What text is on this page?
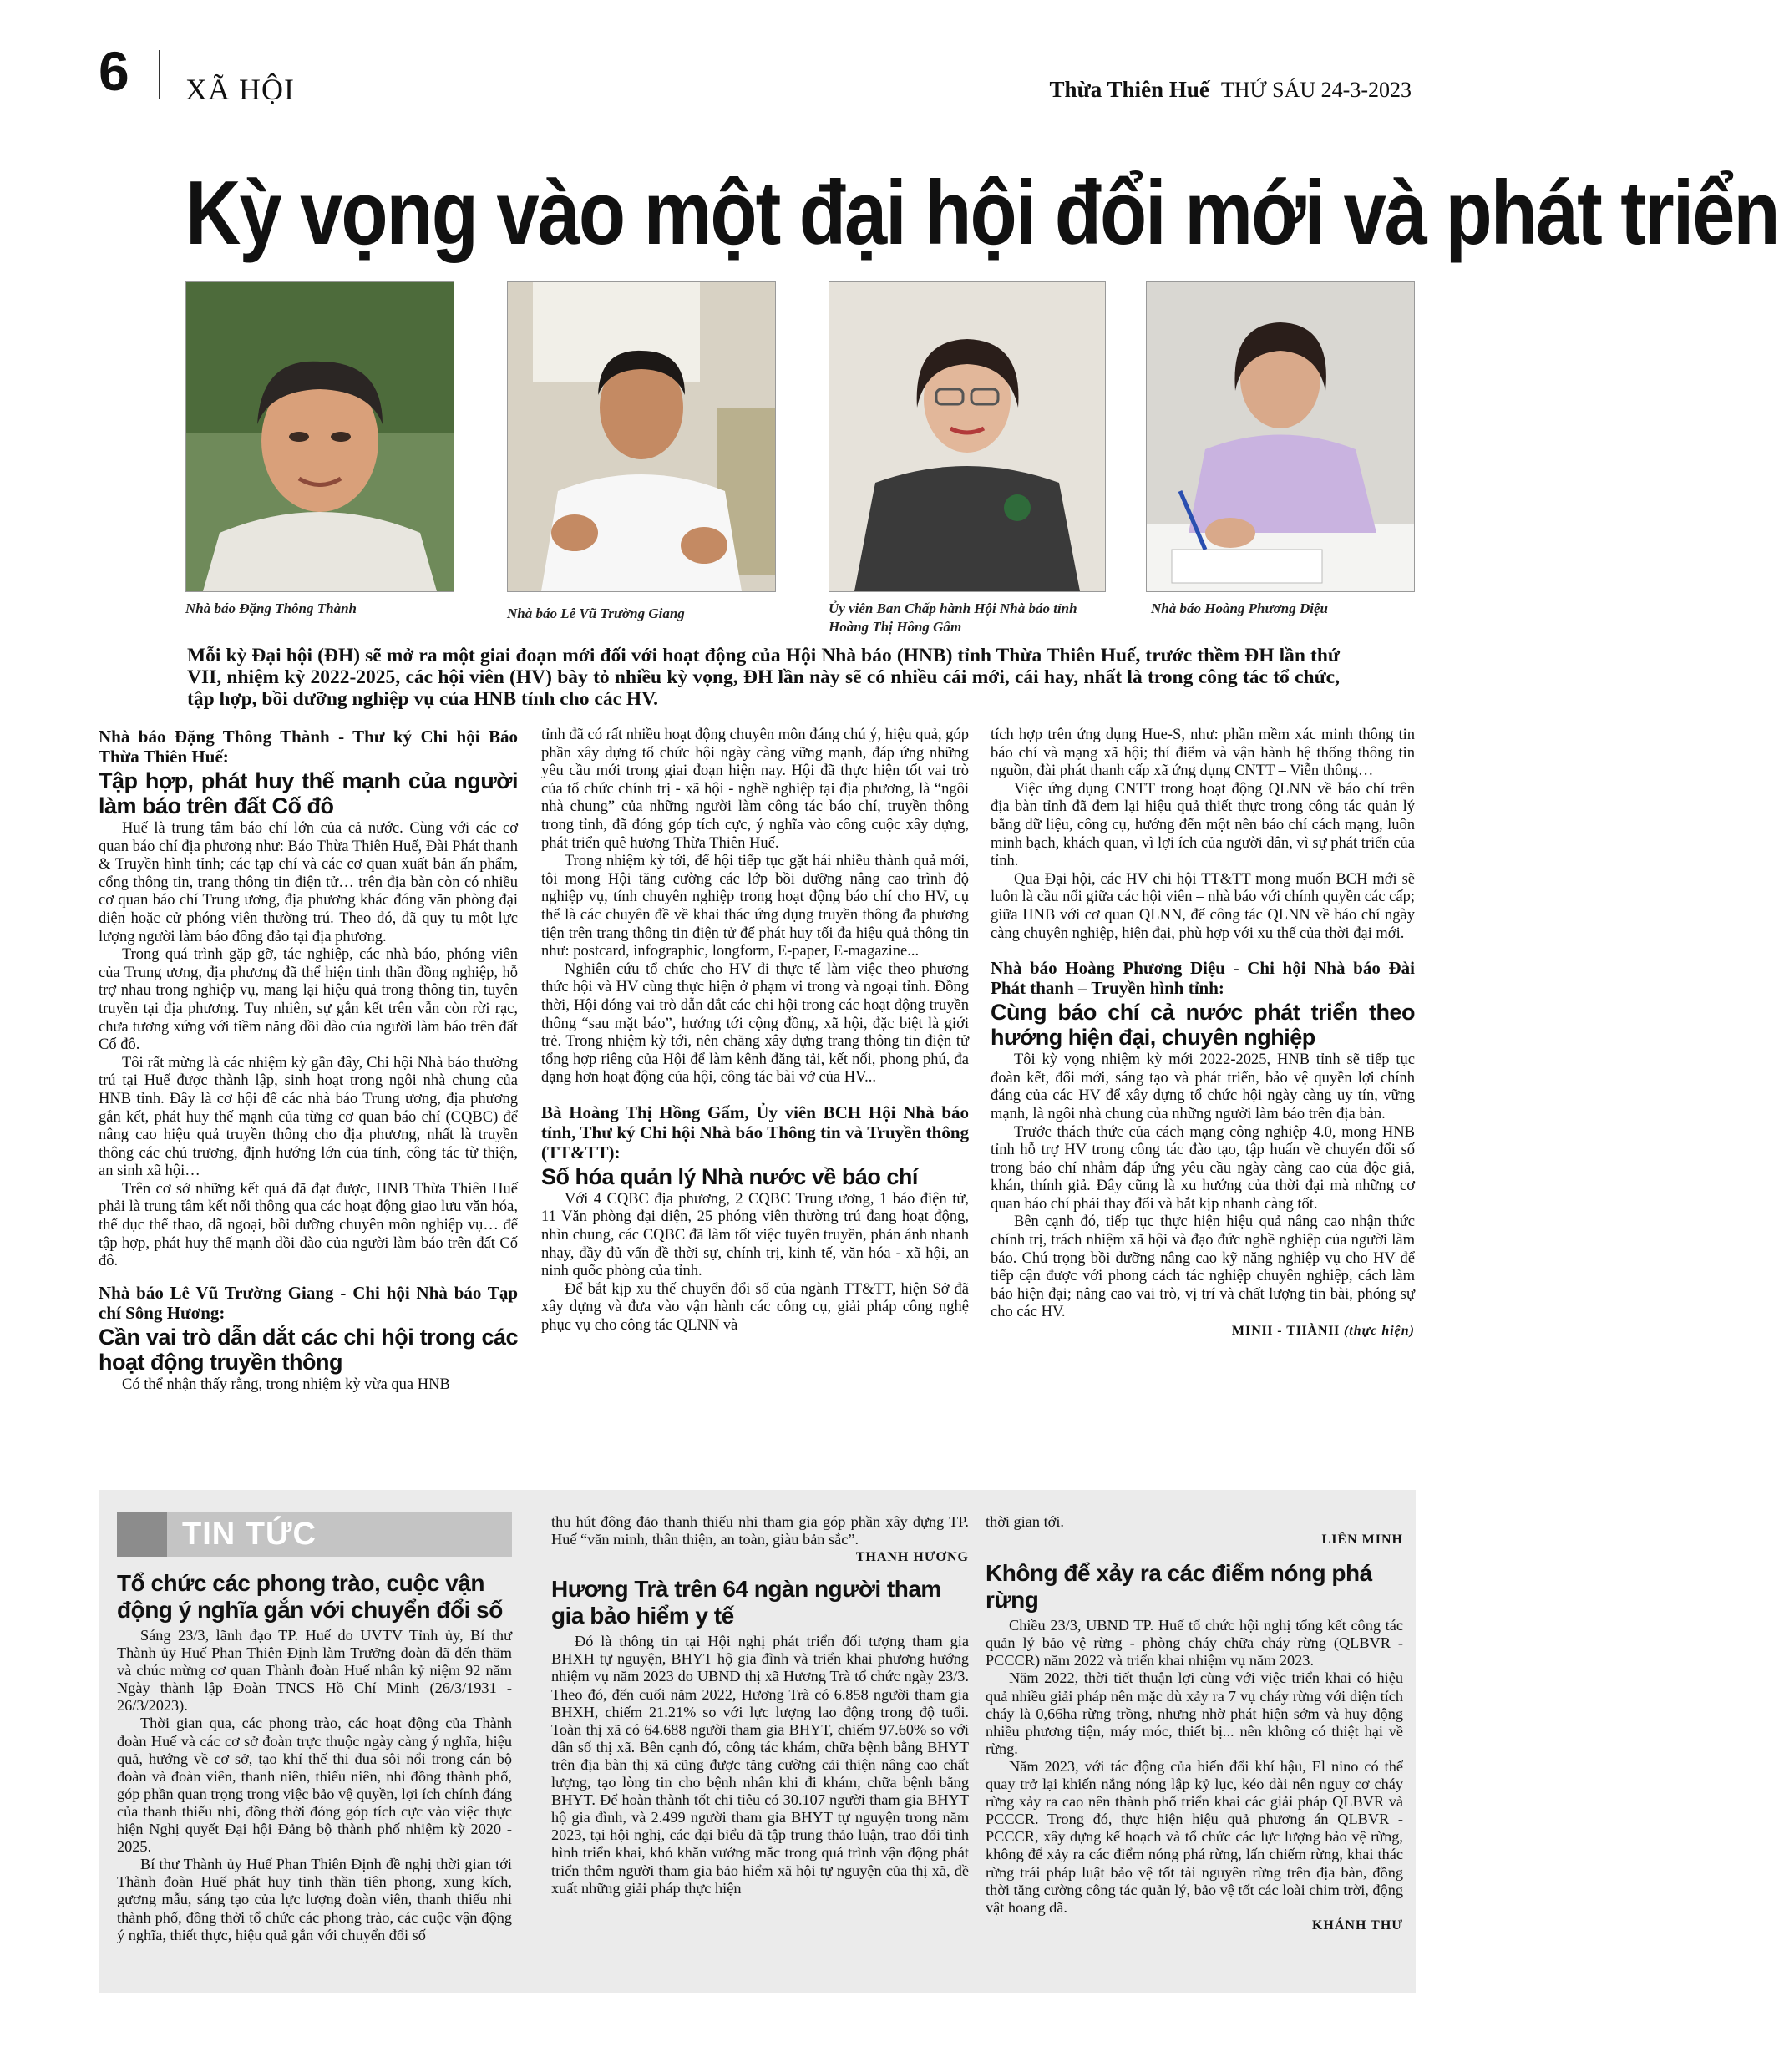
6 XÃ HỘI	Thừa Thiên Huế THỨ SÁU 24-3-2023
Kỳ vọng vào một đại hội đổi mới và phát triển
Nhà báo Đặng Thông Thành	Nhà báo Lê Vũ Trường Giang	Ủy viên Ban Chấp hành Hội Nhà báo tỉnh Hoàng Thị Hồng Gấm
Nhà báo Hoàng Phương Diệu
Mỗi kỳ Đại hội (ĐH) sẽ mở ra một giai đoạn mới đối với hoạt động của Hội Nhà báo (HNB) tỉnh Thừa Thiên Huế, trước thềm ĐH lần thứ VII, nhiệm kỳ 2022-2025, các hội viên (HV) bày tỏ nhiều kỳ vọng, ĐH lần này sẽ có nhiều cái mới, cái hay, nhất là trong công tác tổ chức, tập hợp, bồi dưỡng nghiệp vụ của HNB tỉnh cho các HV.

Nhà báo Đặng Thông Thành - Thư ký Chi hội Báo Thừa Thiên Huế:

Tập hợp, phát huy thế mạnh của người làm báo trên đất Cố đô

Huế là trung tâm báo chí lớn của cả nước. Cùng với các cơ quan báo chí địa phương như: Báo Thừa Thiên Huế, Đài Phát thanh & Truyền hình tỉnh; các tạp chí và các cơ quan xuất bản ấn phẩm, cổng thông tin, trang thông tin điện tử… trên địa bàn còn có nhiều cơ quan báo chí Trung ương, địa phương khác đóng văn phòng đại diện hoặc cử phóng viên thường trú. Theo đó, đã quy tụ một lực lượng người làm báo đông đảo tại địa phương.

Trong quá trình gặp gỡ, tác nghiệp, các nhà báo, phóng viên của Trung ương, địa phương đã thể hiện tinh thần đồng nghiệp, hỗ trợ nhau trong nghiệp vụ, mang lại hiệu quả trong thông tin, tuyên truyền tại địa phương. Tuy nhiên, sự gắn kết trên vẫn còn rời rạc, chưa tương xứng với tiềm năng dồi dào của người làm báo trên đất Cố đô.

Tôi rất mừng là các nhiệm kỳ gần đây, Chi hội Nhà báo thường trú tại Huế được thành lập, sinh hoạt trong ngôi nhà chung của HNB tỉnh. Đây là cơ hội để các nhà báo Trung ương, địa phương gắn kết, phát huy thế mạnh của từng cơ quan báo chí (CQBC) để nâng cao hiệu quả truyền thông cho địa phương, nhất là truyền thông các chủ trương, định hướng lớn của tỉnh, công tác từ thiện, an sinh xã hội…

Trên cơ sở những kết quả đã đạt được, HNB Thừa Thiên Huế phải là trung tâm kết nối thông qua các hoạt động giao lưu văn hóa, thể dục thể thao, dã ngoại, bồi dưỡng chuyên môn nghiệp vụ… để tập hợp, phát huy thế mạnh dồi dào của người làm báo trên đất Cố đô.

Nhà báo Lê Vũ Trường Giang - Chi hội Nhà báo Tạp chí Sông Hương:

Cần vai trò dẫn dắt các chi hội trong các hoạt động truyền thông

Có thể nhận thấy rằng, trong nhiệm kỳ vừa qua HNB

tỉnh đã có rất nhiều hoạt động chuyên môn đáng chú ý, hiệu quả, góp phần xây dựng tổ chức hội ngày càng vững mạnh, đáp ứng những yêu cầu mới trong giai đoạn hiện nay. Hội đã thực hiện tốt vai trò của tổ chức chính trị - xã hội - nghề nghiệp tại địa phương, là “ngôi nhà chung” của những người làm công tác báo chí, truyền thông trong tỉnh, đã đóng góp tích cực, ý nghĩa vào công cuộc xây dựng, phát triển quê hương Thừa Thiên Huế.

Trong nhiệm kỳ tới, để hội tiếp tục gặt hái nhiều thành quả mới, tôi mong Hội tăng cường các lớp bồi dưỡng nâng cao trình độ nghiệp vụ, tính chuyên nghiệp trong hoạt động báo chí cho HV, cụ thể là các chuyên đề về khai thác ứng dụng truyền thông đa phương tiện trên trang thông tin điện tử để phát huy tối đa hiệu quả thông tin như: postcard, infographic, longform, E-paper, E-magazine...

Nghiên cứu tổ chức cho HV đi thực tế làm việc theo phương thức hội và HV cùng thực hiện ở phạm vi trong và ngoại tỉnh. Đồng thời, Hội đóng vai trò dẫn dắt các chi hội trong các hoạt động truyền thông “sau mặt báo”, hướng tới cộng đồng, xã hội, đặc biệt là giới trẻ. Trong nhiệm kỳ tới, nên chăng xây dựng trang thông tin điện tử tổng hợp riêng của Hội để làm kênh đăng tải, kết nối, phong phú, đa dạng hơn hoạt động của hội, công tác bài vở của HV...

Bà Hoàng Thị Hồng Gấm, Ủy viên BCH Hội Nhà báo tỉnh, Thư ký Chi hội Nhà báo Thông tin và Truyền thông (TT&TT):

Số hóa quản lý Nhà nước về báo chí

Với 4 CQBC địa phương, 2 CQBC Trung ương, 1 báo điện tử, 11 Văn phòng đại diện, 25 phóng viên thường trú đang hoạt động, nhìn chung, các CQBC đã làm tốt việc tuyên truyền, phản ánh nhanh nhạy, đầy đủ vấn đề thời sự, chính trị, kinh tế, văn hóa - xã hội, an ninh quốc phòng của tỉnh.

Để bắt kịp xu thế chuyển đổi số của ngành TT&TT, hiện Sở đã xây dựng và đưa vào vận hành các công cụ, giải pháp công nghệ phục vụ cho công tác QLNN và

tích hợp trên ứng dụng Hue-S, như: phần mềm xác minh thông tin báo chí và mạng xã hội; thí điểm và vận hành hệ thống thông tin nguồn, đài phát thanh cấp xã ứng dụng CNTT – Viễn thông…

Việc ứng dụng CNTT trong hoạt động QLNN về báo chí trên địa bàn tỉnh đã đem lại hiệu quả thiết thực trong công tác quản lý bằng dữ liệu, công cụ, hướng đến một nền báo chí cách mạng, luôn minh bạch, khách quan, vì lợi ích của người dân, vì sự phát triển của tỉnh.

Qua Đại hội, các HV chi hội TT&TT mong muốn BCH mới sẽ luôn là cầu nối giữa các hội viên – nhà báo với chính quyền các cấp; giữa HNB với cơ quan QLNN, để công tác QLNN về báo chí ngày càng chuyên nghiệp, hiện đại, phù hợp với xu thế của thời đại mới.

Nhà báo Hoàng Phương Diệu - Chi hội Nhà báo Đài Phát thanh – Truyền hình tỉnh:

Cùng báo chí cả nước phát triển theo hướng hiện đại, chuyên nghiệp

Tôi kỳ vọng nhiệm kỳ mới 2022-2025, HNB tỉnh sẽ tiếp tục đoàn kết, đổi mới, sáng tạo và phát triển, bảo vệ quyền lợi chính đáng của các HV để xây dựng tổ chức hội ngày càng uy tín, vững mạnh, là ngôi nhà chung của những người làm báo trên địa bàn.

Trước thách thức của cách mạng công nghiệp 4.0, mong HNB tỉnh hỗ trợ HV trong công tác đào tạo, tập huấn về chuyển đổi số trong báo chí nhằm đáp ứng yêu cầu ngày càng cao của độc giả, khán, thính giả. Đây cũng là xu hướng của thời đại mà những cơ quan báo chí phải thay đổi và bắt kịp nhanh càng tốt.

Bên cạnh đó, tiếp tục thực hiện hiệu quả nâng cao nhận thức chính trị, trách nhiệm xã hội và đạo đức nghề nghiệp của người làm báo. Chú trọng bồi dưỡng nâng cao kỹ năng nghiệp vụ cho HV để tiếp cận được với phong cách tác nghiệp chuyên nghiệp, cách làm báo hiện đại; nâng cao vai trò, vị trí và chất lượng tin bài, phóng sự cho các HV.

MINH - THÀNH (thực hiện)
TIN TỨC
Tổ chức các phong trào, cuộc vận động ý nghĩa gắn với chuyển đổi số

Sáng 23/3, lãnh đạo TP. Huế do UVTV Tỉnh ủy, Bí thư Thành ủy Huế Phan Thiên Định làm Trưởng đoàn đã đến thăm và chúc mừng cơ quan Thành đoàn Huế nhân kỷ niệm 92 năm Ngày thành lập Đoàn TNCS Hồ Chí Minh (26/3/1931 - 26/3/2023).

Thời gian qua, các phong trào, các hoạt động của Thành đoàn Huế và các cơ sở đoàn trực thuộc ngày càng ý nghĩa, hiệu quả, hướng về cơ sở, tạo khí thế thi đua sôi nổi trong cán bộ đoàn và đoàn viên, thanh niên, thiếu niên, nhi đồng thành phố, góp phần quan trọng trong việc bảo vệ quyền, lợi ích chính đáng của thanh thiếu nhi, đồng thời đóng góp tích cực vào việc thực hiện Nghị quyết Đại hội Đảng bộ thành phố nhiệm kỳ 2020 - 2025.

Bí thư Thành ủy Huế Phan Thiên Định đề nghị thời gian tới Thành đoàn Huế phát huy tinh thần tiên phong, xung kích, gương mẫu, sáng tạo của lực lượng đoàn viên, thanh thiếu nhi thành phố, đồng thời tổ chức các phong trào, các cuộc vận động ý nghĩa, thiết thực, hiệu quả gắn với chuyển đổi số

thu hút đông đảo thanh thiếu nhi tham gia góp phần xây dựng TP. Huế “văn minh, thân thiện, an toàn, giàu bản sắc”.

THANH HƯƠNG
Hương Trà trên 64 ngàn người tham gia bảo hiểm y tế

Đó là thông tin tại Hội nghị phát triển đối tượng tham gia BHXH tự nguyện, BHYT hộ gia đình và triển khai phương hướng nhiệm vụ năm 2023 do UBND thị xã Hương Trà tổ chức ngày 23/3. Theo đó, đến cuối năm 2022, Hương Trà có 6.858 người tham gia BHXH, chiếm 21.21% so với lực lượng lao động trong độ tuổi. Toàn thị xã có 64.688 người tham gia BHYT, chiếm 97.60% so với dân số thị xã. Bên cạnh đó, công tác khám, chữa bệnh bằng BHYT trên địa bàn thị xã cũng được tăng cường cải thiện nâng cao chất lượng, tạo lòng tin cho bệnh nhân khi đi khám, chữa bệnh bằng BHYT. Để hoàn thành tốt chỉ tiêu có 30.107 người tham gia BHYT hộ gia đình, và 2.499 người tham gia BHYT tự nguyện trong năm 2023, tại hội nghị, các đại biểu đã tập trung thảo luận, trao đổi tình hình triển khai, khó khăn vướng mắc trong quá trình vận động phát triển thêm người tham gia bảo hiểm xã hội tự nguyện của thị xã, đề xuất những giải pháp thực hiện

thời gian tới.

LIÊN MINH
Không để xảy ra các điểm nóng phá rừng

Chiều 23/3, UBND TP. Huế tổ chức hội nghị tổng kết công tác quản lý bảo vệ rừng - phòng cháy chữa cháy rừng (QLBVR - PCCCR) năm 2022 và triển khai nhiệm vụ năm 2023.

Năm 2022, thời tiết thuận lợi cùng với việc triển khai có hiệu quả nhiều giải pháp nên mặc dù xảy ra 7 vụ cháy rừng với diện tích cháy là 0,66ha rừng trồng, nhưng nhờ phát hiện sớm và huy động nhiều phương tiện, máy móc, thiết bị... nên không có thiệt hại về rừng.

Năm 2023, với tác động của biến đổi khí hậu, El nino có thể quay trở lại khiến nắng nóng lập kỷ lục, kéo dài nên nguy cơ cháy rừng xảy ra cao nên thành phố triển khai các giải pháp QLBVR và PCCCR. Trong đó, thực hiện hiệu quả phương án QLBVR - PCCCR, xây dựng kế hoạch và tổ chức các lực lượng bảo vệ rừng, không để xảy ra các điểm nóng phá rừng, lấn chiếm rừng, khai thác rừng trái pháp luật bảo vệ tốt tài nguyên rừng trên địa bàn, đồng thời tăng cường công tác quản lý, bảo vệ tốt các loài chim trời, động vật hoang dã.

KHÁNH THƯ
